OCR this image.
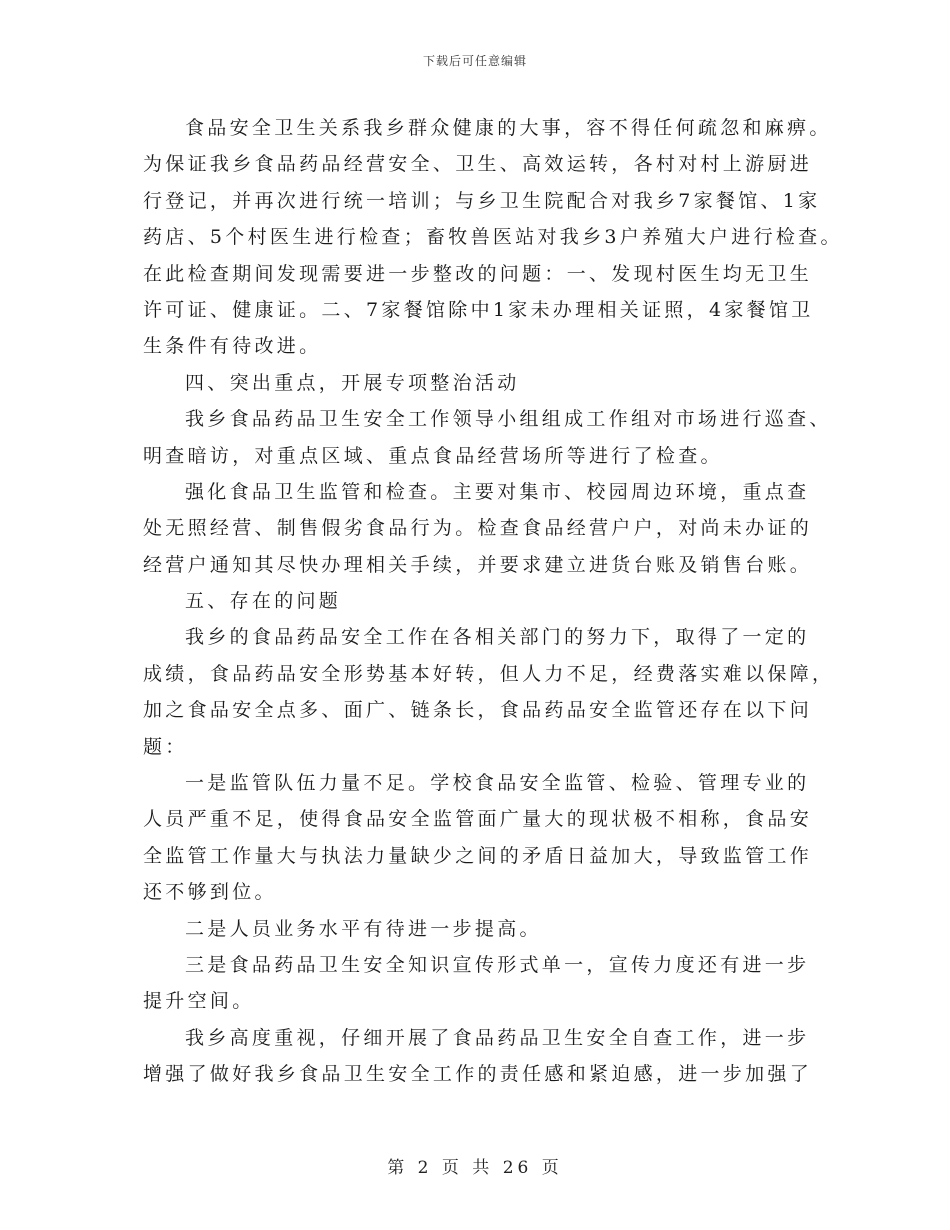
下载后可任意编辑
食品安全卫生关系我乡群众健康的大事，容不得任何疏忽和麻痹。
为保证我乡食品药品经营安全、卫生、高效运转，各村对村上游厨进
行登记，并再次进行统一培训；与乡卫生院配合对我乡7家餐馆、1家
药店、5个村医生进行检查；畜牧兽医站对我乡3户养殖大户进行检查。
在此检查期间发现需要进一步整改的问题：一、发现村医生均无卫生
许可证、健康证。二、7家餐馆除中1家未办理相关证照，4家餐馆卫
生条件有待改进。
四、突出重点，开展专项整治活动
我乡食品药品卫生安全工作领导小组组成工作组对市场进行巡查、
明查暗访，对重点区域、重点食品经营场所等进行了检查。
强化食品卫生监管和检查。主要对集市、校园周边环境，重点查
处无照经营、制售假劣食品行为。检查食品经营户户，对尚未办证的
经营户通知其尽快办理相关手续，并要求建立进货台账及销售台账。
五、存在的问题
我乡的食品药品安全工作在各相关部门的努力下，取得了一定的
成绩，食品药品安全形势基本好转，但人力不足，经费落实难以保障，
加之食品安全点多、面广、链条长，食品药品安全监管还存在以下问
题：
一是监管队伍力量不足。学校食品安全监管、检验、管理专业的
人员严重不足，使得食品安全监管面广量大的现状极不相称，食品安
全监管工作量大与执法力量缺少之间的矛盾日益加大，导致监管工作
还不够到位。
二是人员业务水平有待进一步提高。
三是食品药品卫生安全知识宣传形式单一，宣传力度还有进一步
提升空间。
我乡高度重视，仔细开展了食品药品卫生安全自查工作，进一步
增强了做好我乡食品卫生安全工作的责任感和紧迫感，进一步加强了
第 2 页 共 26 页
